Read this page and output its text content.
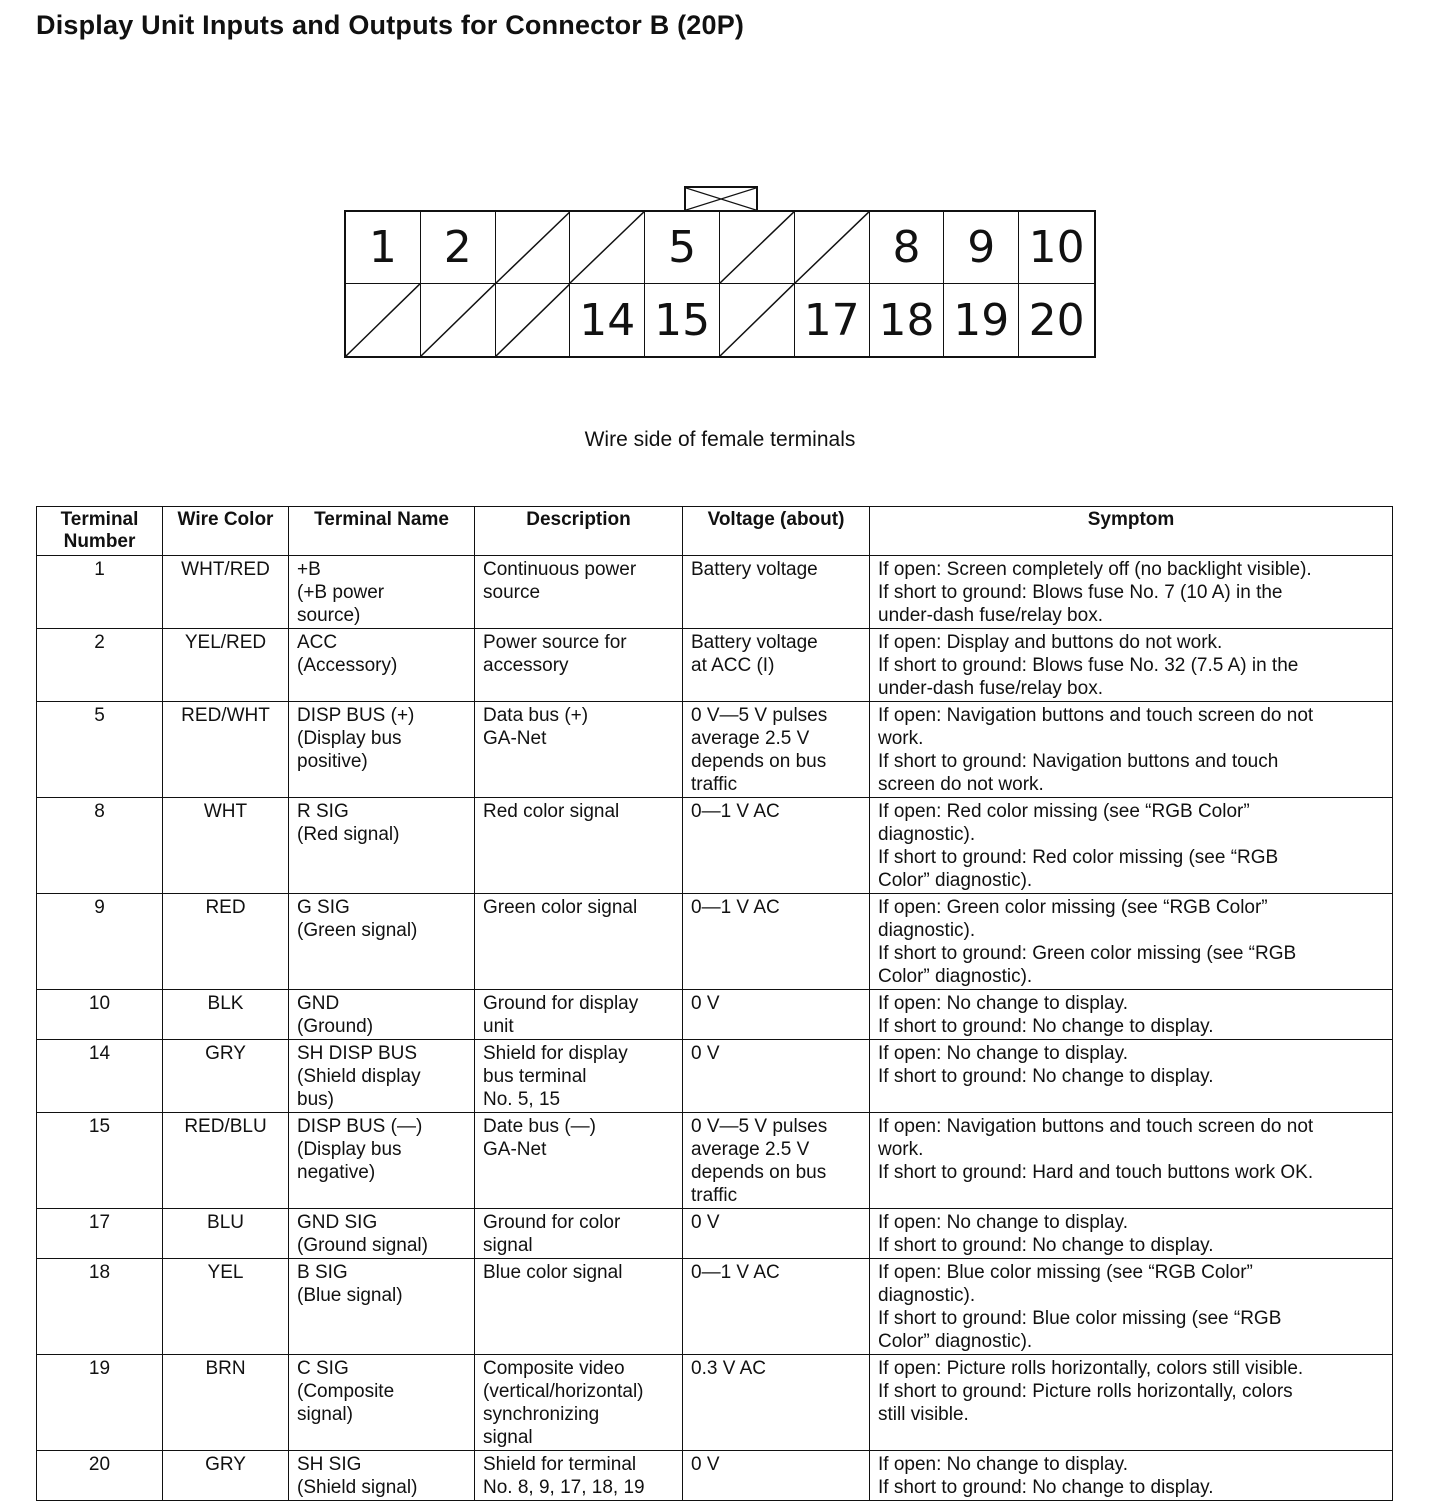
Display Unit Inputs and Outputs for Connector B (20P)
1	2	5	8	9 10
14 15 17 18 19 20
Wire side of female terminals
Terminal
Number	Wire Color	Terminal Name	Description	Voltage (about)	Symptom
1	WHT/RED	+B
(+B power
source)	Continuous power
source	Battery voltage	If open: Screen completely off (no backlight visible).
If short to ground: Blows fuse No. 7 (10 A) in the
under-dash fuse/relay box.
2	YEL/RED	ACC
(Accessory)	Power source for
accessory	Battery voltage
at ACC (I)	If open: Display and buttons do not work.
If short to ground: Blows fuse No. 32 (7.5 A) in the
under-dash fuse/relay box.
5	RED/WHT	DISP BUS (+)
(Display bus
positive)	Data bus (+)
GA-Net	0 V—5 V pulses
average 2.5 V
depends on bus
traffic	If open: Navigation buttons and touch screen do not
work.
If short to ground: Navigation buttons and touch
screen do not work.
8	WHT	R SIG
(Red signal)	Red color signal	0—1 V AC	If open: Red color missing (see “RGB Color”
diagnostic).
If short to ground: Red color missing (see “RGB
Color” diagnostic).
9	RED	G SIG
(Green signal)	Green color signal	0—1 V AC	If open: Green color missing (see “RGB Color”
diagnostic).
If short to ground: Green color missing (see “RGB
Color” diagnostic).
10	BLK	GND
(Ground)	Ground for display
unit	0 V	If open: No change to display.
If short to ground: No change to display.
14	GRY	SH DISP BUS
(Shield display
bus)	Shield for display
bus terminal
No. 5, 15	0 V	If open: No change to display.
If short to ground: No change to display.
15	RED/BLU	DISP BUS (—)
(Display bus
negative)	Date bus (—)
GA-Net	0 V—5 V pulses
average 2.5 V
depends on bus
traffic	If open: Navigation buttons and touch screen do not
work.
If short to ground: Hard and touch buttons work OK.
17	BLU	GND SIG
(Ground signal)	Ground for color
signal	0 V	If open: No change to display.
If short to ground: No change to display.
18	YEL	B SIG
(Blue signal)	Blue color signal	0—1 V AC	If open: Blue color missing (see “RGB Color”
diagnostic).
If short to ground: Blue color missing (see “RGB
Color” diagnostic).
19	BRN	C SIG
(Composite
signal)	Composite video
(vertical/horizontal)
synchronizing
signal	0.3 V AC	If open: Picture rolls horizontally, colors still visible.
If short to ground: Picture rolls horizontally, colors
still visible.
20	GRY	SH SIG
(Shield signal)	Shield for terminal
No. 8, 9, 17, 18, 19	0 V	If open: No change to display.
If short to ground: No change to display.
